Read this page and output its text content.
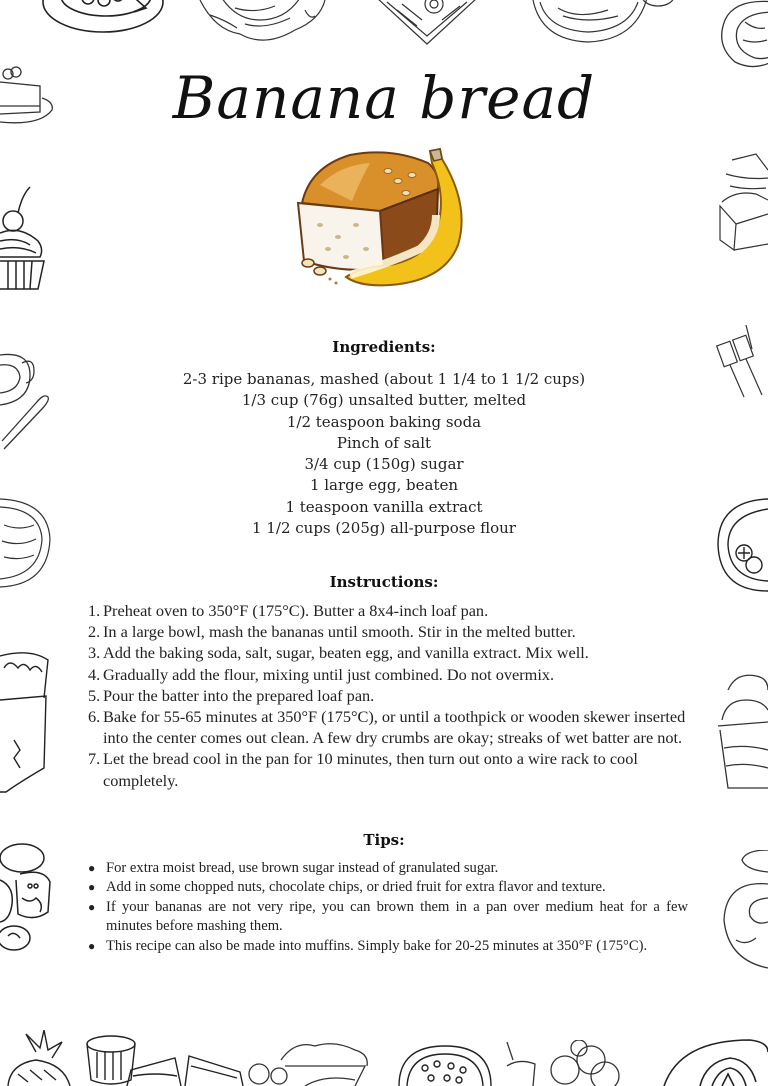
Banana bread
Ingredients:
2-3 ripe bananas, mashed (about 1 1/4 to 1 1/2 cups)
1/3 cup (76g) unsalted butter, melted
1/2 teaspoon baking soda
Pinch of salt
3/4 cup (150g) sugar
1 large egg, beaten
1 teaspoon vanilla extract
1 1/2 cups (205g) all-purpose flour
Instructions:
1. Preheat oven to 350°F (175°C). Butter a 8x4-inch loaf pan.
2. In a large bowl, mash the bananas until smooth. Stir in the melted butter.
3. Add the baking soda, salt, sugar, beaten egg, and vanilla extract. Mix well.
4. Gradually add the flour, mixing until just combined. Do not overmix.
5. Pour the batter into the prepared loaf pan.
6. Bake for 55-65 minutes at 350°F (175°C), or until a toothpick or wooden skewer inserted into the center comes out clean. A few dry crumbs are okay; streaks of wet batter are not.
7. Let the bread cool in the pan for 10 minutes, then turn out onto a wire rack to cool completely.
Tips:
● For extra moist bread, use brown sugar instead of granulated sugar.
● Add in some chopped nuts, chocolate chips, or dried fruit for extra flavor and texture.
● If your bananas are not very ripe, you can brown them in a pan over medium heat for a few minutes before mashing them.
● This recipe can also be made into muffins. Simply bake for 20-25 minutes at 350°F (175°C).
